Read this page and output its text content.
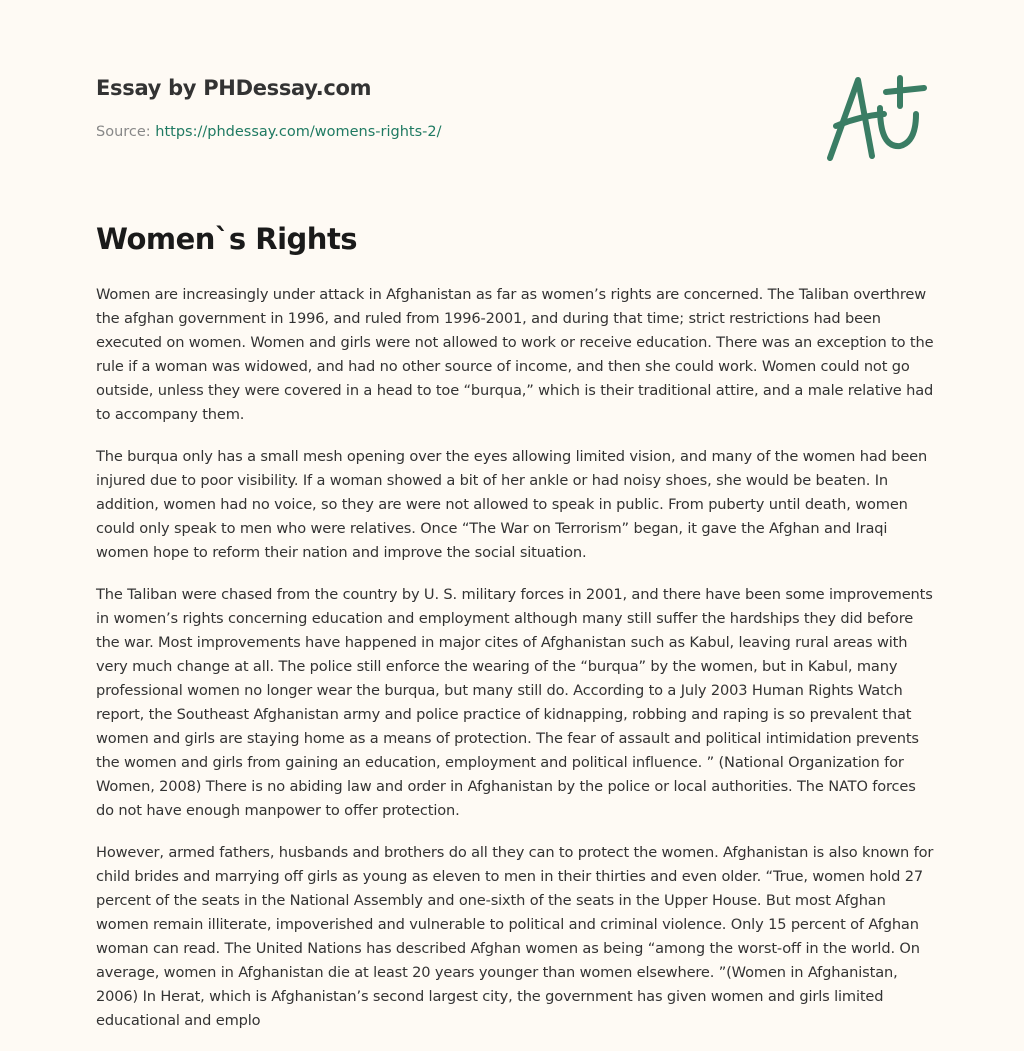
Essay by PHDessay.com
Source: https://phdessay.com/womens-rights-2/
Women`s Rights

Women are increasingly under attack in Afghanistan as far as women’s rights are concerned. The Taliban overthrew the afghan government in 1996, and ruled from 1996-2001, and during that time; strict restrictions had been executed on women. Women and girls were not allowed to work or receive education. There was an exception to the rule if a woman was widowed, and had no other source of income, and then she could work. Women could not go outside, unless they were covered in a head to toe “burqua,” which is their traditional attire, and a male relative had to accompany them.

The burqua only has a small mesh opening over the eyes allowing limited vision, and many of the women had been injured due to poor visibility. If a woman showed a bit of her ankle or had noisy shoes, she would be beaten. In addition, women had no voice, so they are were not allowed to speak in public. From puberty until death, women could only speak to men who were relatives. Once “The War on Terrorism” began, it gave the Afghan and Iraqi women hope to reform their nation and improve the social situation.

The Taliban were chased from the country by U. S. military forces in 2001, and there have been some improvements in women’s rights concerning education and employment although many still suffer the hardships they did before the war. Most improvements have happened in major cites of Afghanistan such as Kabul, leaving rural areas with very much change at all. The police still enforce the wearing of the “burqua” by the women, but in Kabul, many professional women no longer wear the burqua, but many still do. According to a July 2003 Human Rights Watch report, the Southeast Afghanistan army and police practice of kidnapping, robbing and raping is so prevalent that women and girls are staying home as a means of protection. The fear of assault and political intimidation prevents the women and girls from gaining an education, employment and political influence. ” (National Organization for Women, 2008) There is no abiding law and order in Afghanistan by the police or local authorities. The NATO forces do not have enough manpower to offer protection.

However, armed fathers, husbands and brothers do all they can to protect the women. Afghanistan is also known for child brides and marrying off girls as young as eleven to men in their thirties and even older. “True, women hold 27 percent of the seats in the National Assembly and one-sixth of the seats in the Upper House. But most Afghan women remain illiterate, impoverished and vulnerable to political and criminal violence. Only 15 percent of Afghan woman can read. The United Nations has described Afghan women as being “among the worst-off in the world. On average, women in Afghanistan die at least 20 years younger than women elsewhere. ”(Women in Afghanistan, 2006) In Herat, which is Afghanistan’s second largest city, the government has given women and girls limited educational and emplo
